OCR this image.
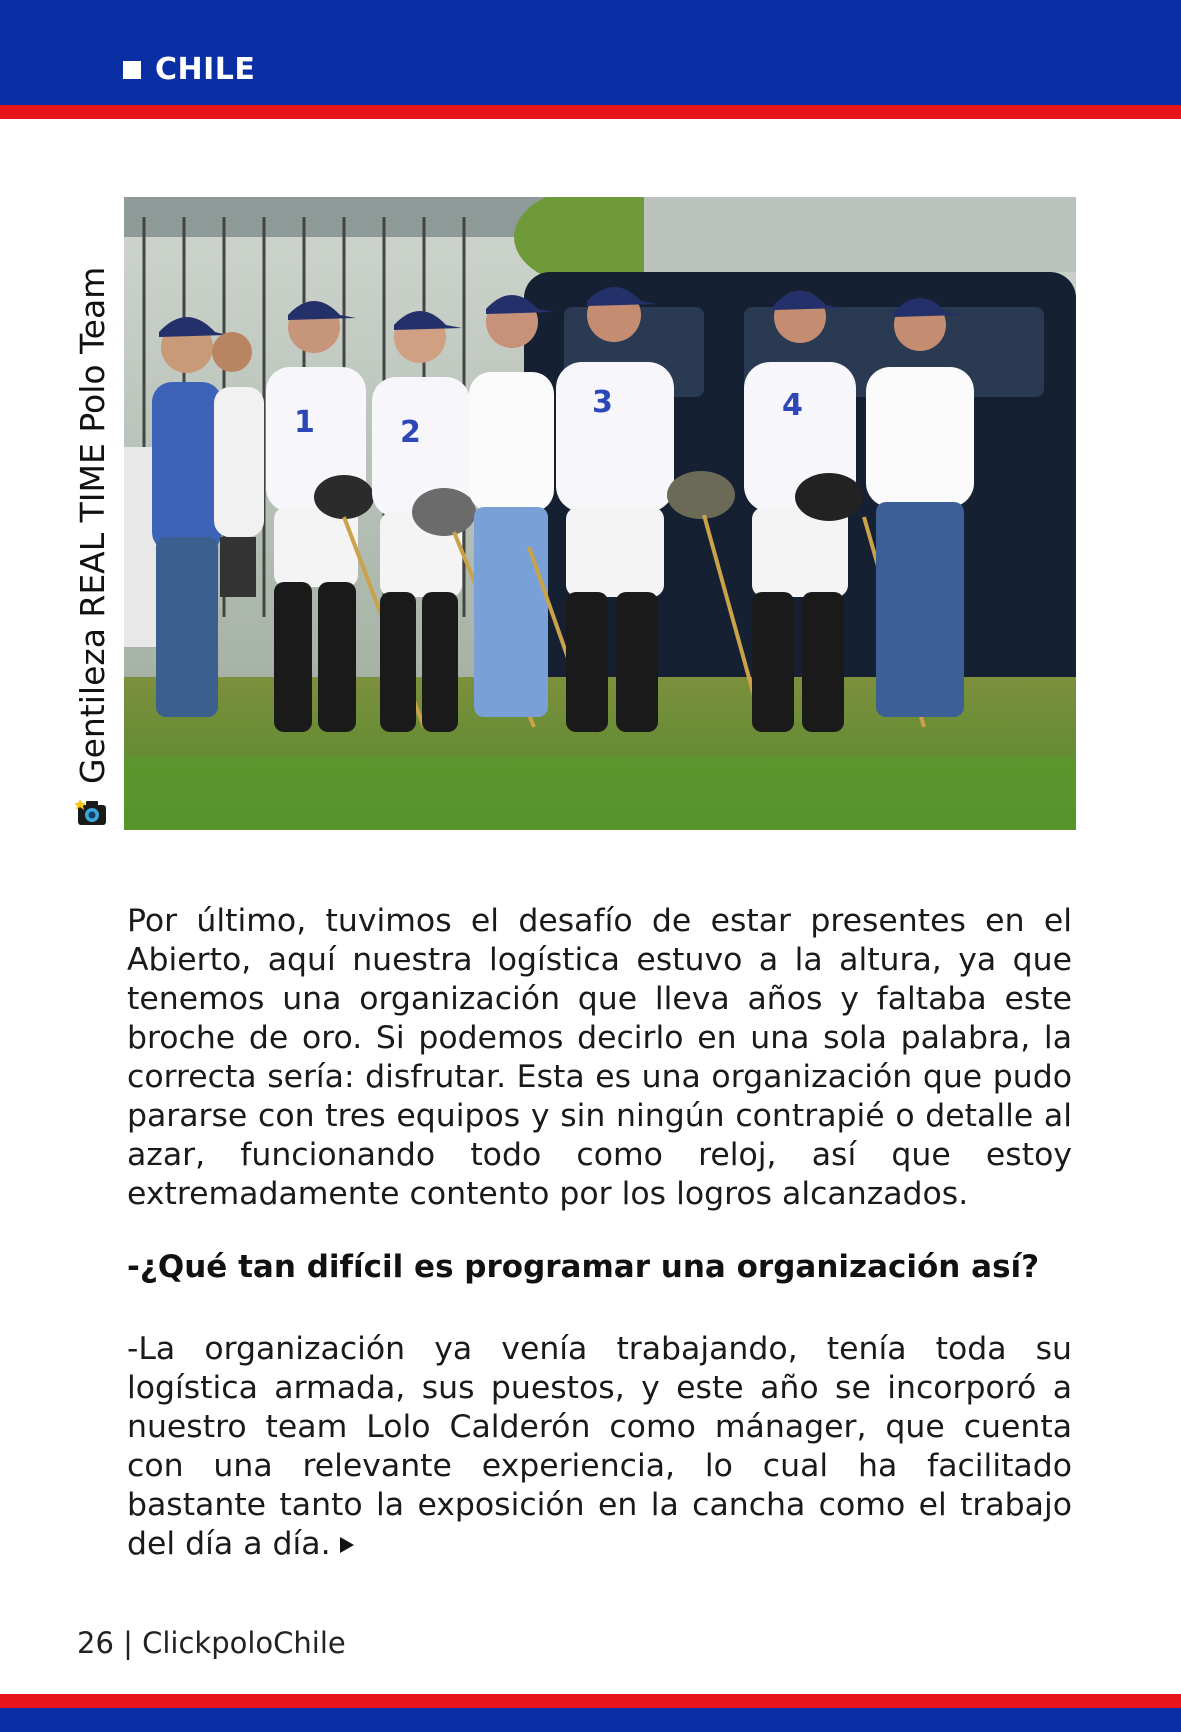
CHILE
Gentileza REAL TIME Polo Team	1	2
3	4

Por último, tuvimos el desafío de estar presentes en el Abierto, aquí nuestra logística estuvo a la altura, ya que tenemos una organización que lleva años y faltaba este broche de oro. Si podemos decirlo en una sola palabra, la correcta sería: disfrutar. Esta es una organización que pudo pararse con tres equipos y sin ningún contrapié o detalle al azar, funcionando todo como reloj, así que estoy extremadamente contento por los logros alcanzados.

-¿Qué tan difícil es programar una organización así?

-La organización ya venía trabajando, tenía toda su logística armada, sus puestos, y este año se incorporó a nuestro team Lolo Calderón como mánager, que cuenta con una relevante experiencia, lo cual ha facilitado bastante tanto la exposición en la cancha como el trabajo del día a día.

26 | ClickpoloChile
